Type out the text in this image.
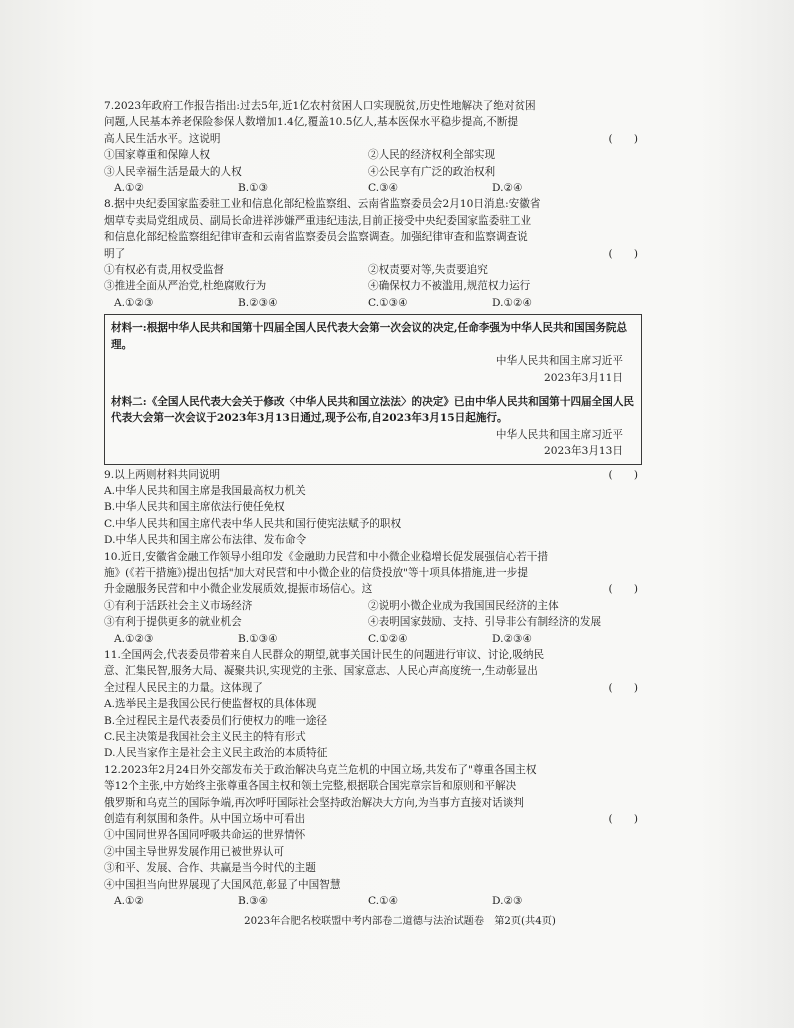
7.2023年政府工作报告指出:过去5年,近1亿农村贫困人口实现脱贫,历史性地解决了绝对贫困
问题,人民基本养老保险参保人数增加1.4亿,覆盖10.5亿人,基本医保水平稳步提高,不断提
高人民生活水平。这说明	(　　)
①国家尊重和保障人权	②人民的经济权利全部实现
③人民幸福生活是最大的人权	④公民享有广泛的政治权利
A.①②	B.①③	C.③④	D.②④
8.据中央纪委国家监委驻工业和信息化部纪检监察组、云南省监察委员会2月10日消息:安徽省
烟草专卖局党组成员、副局长命进祥涉嫌严重违纪违法,目前正接受中央纪委国家监委驻工业
和信息化部纪检监察组纪律审查和云南省监察委员会监察调查。加强纪律审查和监察调查说
明了	(　　)
①有权必有责,用权受监督	②权责要对等,失责要追究
③推进全面从严治党,杜绝腐败行为	④确保权力不被滥用,规范权力运行
A.①②③	B.②③④	C.①③④	D.①②④
材料一:根据中华人民共和国第十四届全国人民代表大会第一次会议的决定,任命李强为中华人民共和国国务院总理。
中华人民共和国主席习近平
2023年3月11日
材料二:《全国人民代表大会关于修改〈中华人民共和国立法法〉的决定》已由中华人民共和国第十四届全国人民代表大会第一次会议于2023年3月13日通过,现予公布,自2023年3月15日起施行。
中华人民共和国主席习近平
2023年3月13日
9.以上两则材料共同说明	(　　)
A.中华人民共和国主席是我国最高权力机关
B.中华人民共和国主席依法行使任免权
C.中华人民共和国主席代表中华人民共和国行使宪法赋予的职权
D.中华人民共和国主席公布法律、发布命令
10.近日,安徽省金融工作领导小组印发《金融助力民营和中小微企业稳增长促发展强信心若干措
施》(《若干措施》)提出包括"加大对民营和中小微企业的信贷投放"等十项具体措施,进一步提
升金融服务民营和中小微企业发展质效,提振市场信心。这	(　　)
①有利于活跃社会主义市场经济	②说明小微企业成为我国国民经济的主体
③有利于提供更多的就业机会	④表明国家鼓励、支持、引导非公有制经济的发展
A.①②③	B.①③④	C.①②④	D.②③④
11.全国两会,代表委员带着来自人民群众的期望,就事关国计民生的问题进行审议、讨论,吸纳民
意、汇集民智,服务大局、凝聚共识,实现党的主张、国家意志、人民心声高度统一,生动彰显出
全过程人民民主的力量。这体现了	(　　)
A.选举民主是我国公民行使监督权的具体体现
B.全过程民主是代表委员们行使权力的唯一途径
C.民主决策是我国社会主义民主的特有形式
D.人民当家作主是社会主义民主政治的本质特征
12.2023年2月24日外交部发布关于政治解决乌克兰危机的中国立场,共发布了"尊重各国主权
等12个主张,中方始终主张尊重各国主权和领土完整,根据联合国宪章宗旨和原则和平解决
俄罗斯和乌克兰的国际争端,再次呼吁国际社会坚持政治解决大方向,为当事方直接对话谈判
创造有利氛围和条件。从中国立场中可看出	(　　)
①中国同世界各国同呼吸共命运的世界情怀
②中国主导世界发展作用已被世界认可
③和平、发展、合作、共赢是当今时代的主题
④中国担当向世界展现了大国风范,彰显了中国智慧
A.①②	B.③④	C.①④	D.②③
2023年合肥名校联盟中考内部卷二道德与法治试题卷　第2页(共4页)
